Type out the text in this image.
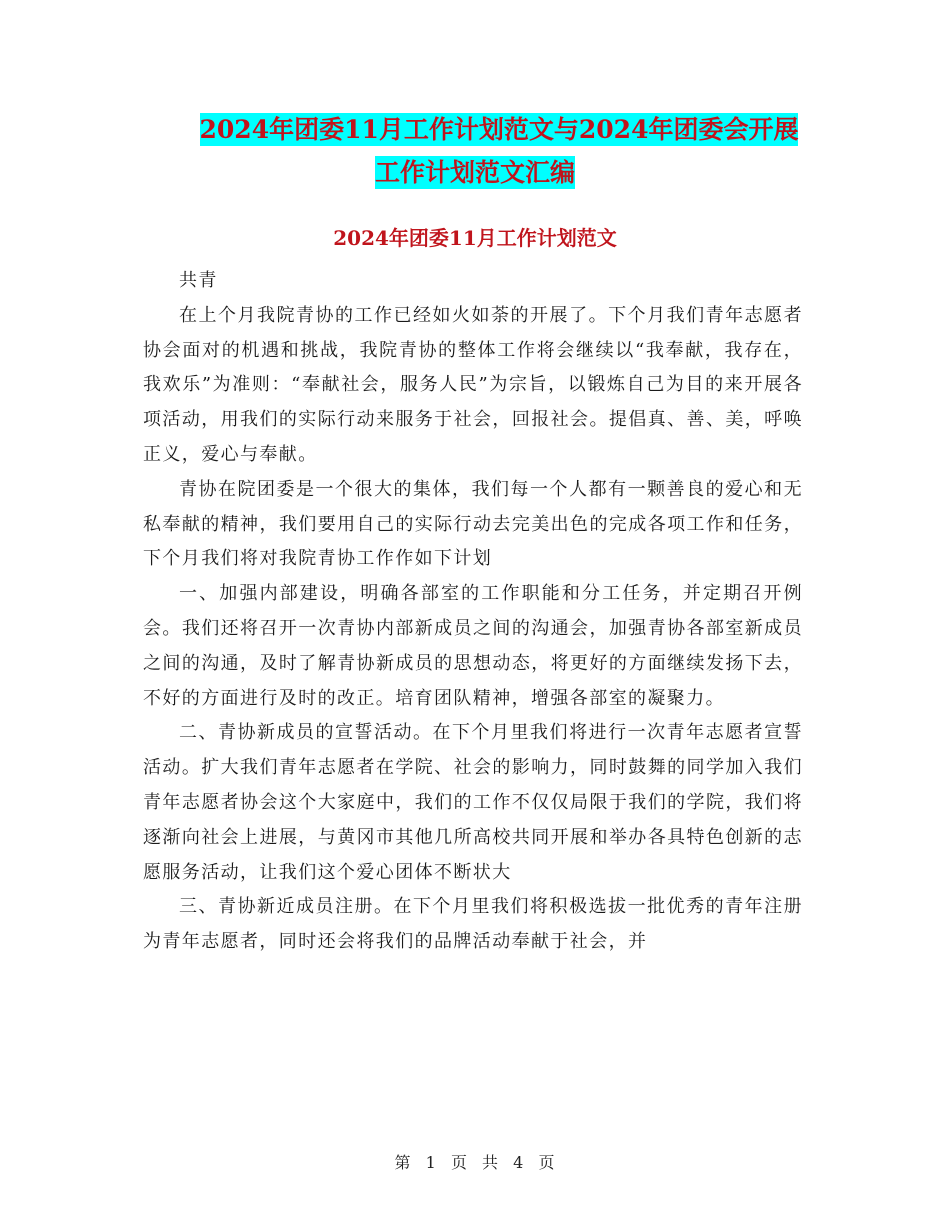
2024年团委11月工作计划范文与2024年团委会开展
工作计划范文汇编
2024年团委11月工作计划范文

共青

在上个月我院青协的工作已经如火如荼的开展了。下个月我们青年志愿者协会面对的机遇和挑战，我院青协的整体工作将会继续以“我奉献，我存在，我欢乐”为准则：“奉献社会，服务人民”为宗旨，以锻炼自己为目的来开展各项活动，用我们的实际行动来服务于社会，回报社会。提倡真、善、美，呼唤正义，爱心与奉献。

青协在院团委是一个很大的集体，我们每一个人都有一颗善良的爱心和无私奉献的精神，我们要用自己的实际行动去完美出色的完成各项工作和任务，下个月我们将对我院青协工作作如下计划

一、加强内部建设，明确各部室的工作职能和分工任务，并定期召开例会。我们还将召开一次青协内部新成员之间的沟通会，加强青协各部室新成员之间的沟通，及时了解青协新成员的思想动态，将更好的方面继续发扬下去，不好的方面进行及时的改正。培育团队精神，增强各部室的凝聚力。

二、青协新成员的宣誓活动。在下个月里我们将进行一次青年志愿者宣誓活动。扩大我们青年志愿者在学院、社会的影响力，同时鼓舞的同学加入我们青年志愿者协会这个大家庭中，我们的工作不仅仅局限于我们的学院，我们将逐渐向社会上进展，与黄冈市其他几所高校共同开展和举办各具特色创新的志愿服务活动，让我们这个爱心团体不断状大

三、青协新近成员注册。在下个月里我们将积极选拔一批优秀的青年注册为青年志愿者，同时还会将我们的品牌活动奉献于社会，并

第 1 页 共 4 页
